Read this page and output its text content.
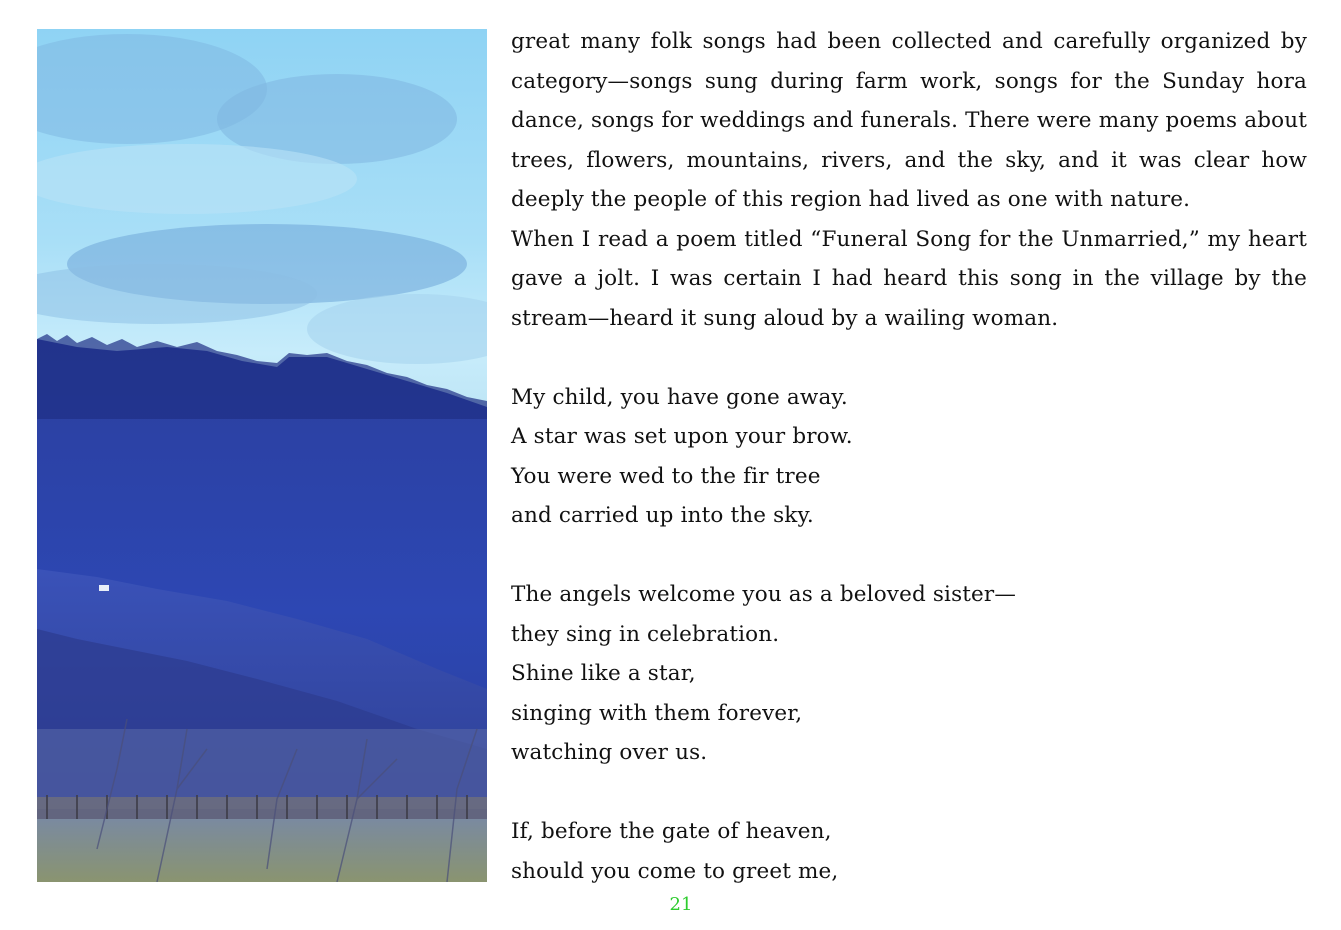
great many folk songs had been collected and carefully organized by category—songs sung during farm work, songs for the Sunday hora dance, songs for weddings and funerals. There were many poems about trees, flowers, mountains, rivers, and the sky, and it was clear how deeply the people of this region had lived as one with nature.

When I read a poem titled “Funeral Song for the Unmarried,” my heart gave a jolt. I was certain I had heard this song in the village by the stream—heard it sung aloud by a wailing woman.

My child, you have gone away.

A star was set upon your brow.

You were wed to the fir tree

and carried up into the sky.

The angels welcome you as a beloved sister—

they sing in celebration.

Shine like a star,

singing with them forever,

watching over us.

If, before the gate of heaven,

should you come to greet me,

21
